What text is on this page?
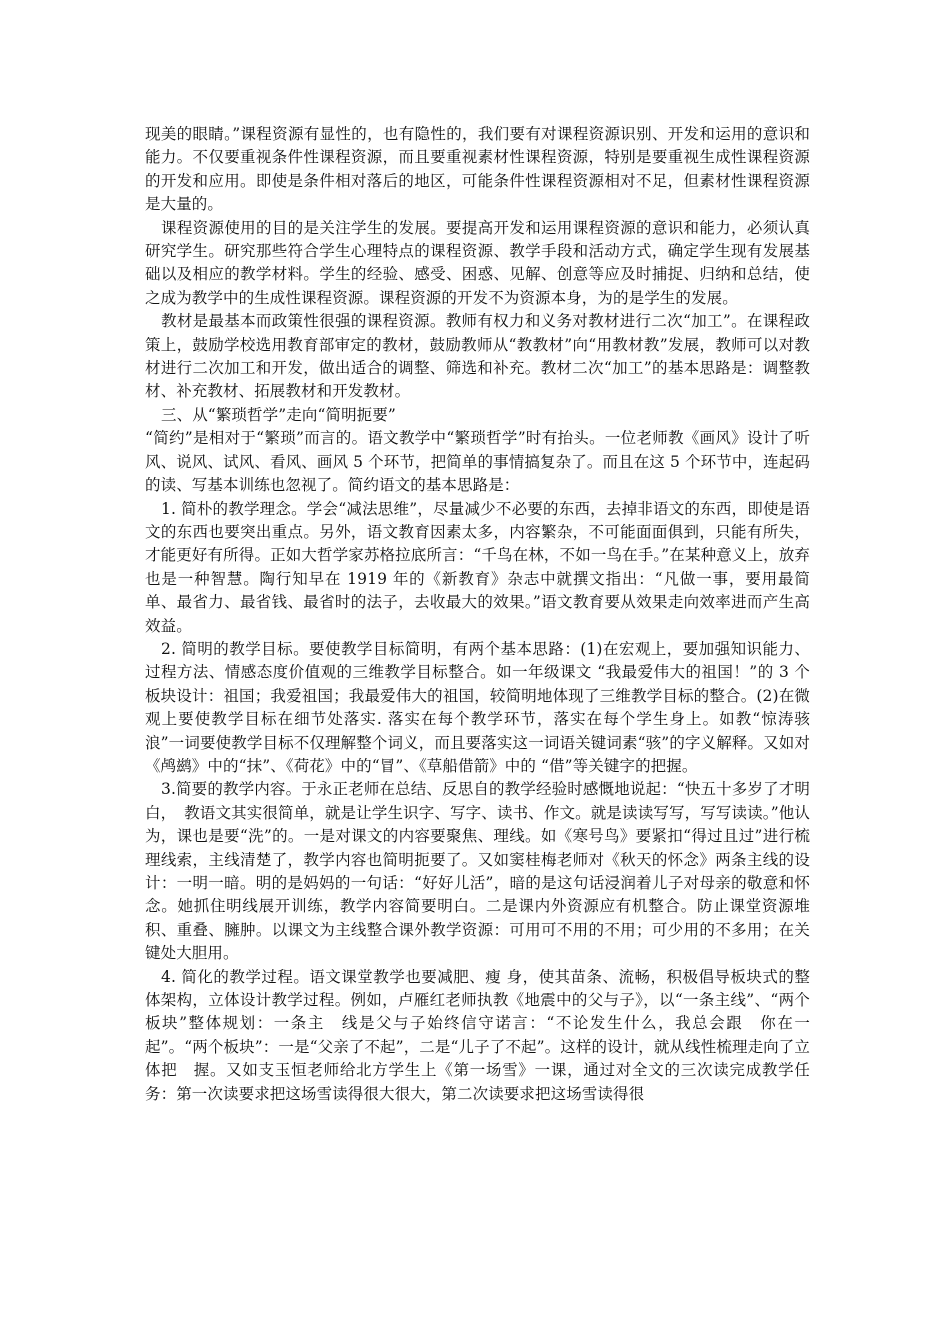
现美的眼睛。”课程资源有显性的，也有隐性的，我们要有对课程资源识别、开发和运用的意识和能力。不仅要重视条件性课程资源，而且要重视素材性课程资源，特别是要重视生成性课程资源的开发和应用。即使是条件相对落后的地区，可能条件性课程资源相对不足，但素材性课程资源是大量的。

课程资源使用的目的是关注学生的发展。要提高开发和运用课程资源的意识和能力，必须认真研究学生。研究那些符合学生心理特点的课程资源、教学手段和活动方式，确定学生现有发展基础以及相应的教学材料。学生的经验、感受、困惑、见解、创意等应及时捕捉、归纳和总结，使之成为教学中的生成性课程资源。课程资源的开发不为资源本身，为的是学生的发展。

教材是最基本而政策性很强的课程资源。教师有权力和义务对教材进行二次“加工”。在课程政策上，鼓励学校选用教育部审定的教材，鼓励教师从“教教材”向“用教材教”发展，教师可以对教材进行二次加工和开发，做出适合的调整、筛选和补充。教材二次“加工”的基本思路是：调整教材、补充教材、拓展教材和开发教材。

三、从“繁琐哲学”走向“简明扼要”

“简约”是相对于“繁琐”而言的。语文教学中“繁琐哲学”时有抬头。一位老师教《画风》设计了听风、说风、试风、看风、画风 5 个环节，把简单的事情搞复杂了。而且在这 5 个环节中，连起码的读、写基本训练也忽视了。简约语文的基本思路是：

1. 简朴的教学理念。学会“减法思维”，尽量减少不必要的东西，去掉非语文的东西，即使是语文的东西也要突出重点。另外，语文教育因素太多，内容繁杂，不可能面面俱到，只能有所失，才能更好有所得。正如大哲学家苏格拉底所言：“千鸟在林，不如一鸟在手。”在某种意义上，放弃也是一种智慧。陶行知早在 1919 年的《新教育》杂志中就撰文指出：“凡做一事，要用最简单、最省力、最省钱、最省时的法子，去收最大的效果。”语文教育要从效果走向效率进而产生高效益。

2. 简明的教学目标。要使教学目标简明，有两个基本思路：(1)在宏观上，要加强知识能力、过程方法、情感态度价值观的三维教学目标整合。如一年级课文 “我最爱伟大的祖国！”的 3 个板块设计：祖国；我爱祖国；我最爱伟大的祖国，较简明地体现了三维教学目标的整合。(2)在微观上要使教学目标在细节处落实. 落实在每个教学环节，落实在每个学生身上。如教“惊涛骇浪”一词要使教学目标不仅理解整个词义，而且要落实这一词语关键词素“骇”的字义解释。又如对《鸬鹚》中的“抹”、《荷花》中的“冒”、《草船借箭》中的 “借”等关键字的把握。

3.简要的教学内容。于永正老师在总结、反思自的教学经验时感慨地说起：“快五十多岁了才明白，　教语文其实很简单，就是让学生识字、写字、读书、作文。就是读读写写，写写读读。”他认为，课也是要“洗”的。一是对课文的内容要聚焦、理线。如《寒号鸟》要紧扣“得过且过”进行梳理线索，主线清楚了，教学内容也简明扼要了。又如窦桂梅老师对《秋天的怀念》两条主线的设计：一明一暗。明的是妈妈的一句话：“好好儿活”，暗的是这句话浸润着儿子对母亲的敬意和怀念。她抓住明线展开训练，教学内容简要明白。二是课内外资源应有机整合。防止课堂资源堆积、重叠、臃肿。以课文为主线整合课外教学资源：可用可不用的不用；可少用的不多用；在关键处大胆用。

4. 简化的教学过程。语文课堂教学也要减肥、瘦 身，使其苗条、流畅，积极倡导板块式的整体架构，立体设计教学过程。例如，卢雁红老师执教《地震中的父与子》，以“一条主线”、“两个板块”整体规划：一条主　线是父与子始终信守诺言：“不论发生什么，我总会跟　你在一起”。“两个板块”：一是“父亲了不起”，二是“儿子了不起”。这样的设计，就从线性梳理走向了立体把　握。又如支玉恒老师给北方学生上《第一场雪》一课，通过对全文的三次读完成教学任务：第一次读要求把这场雪读得很大很大，第二次读要求把这场雪读得很
